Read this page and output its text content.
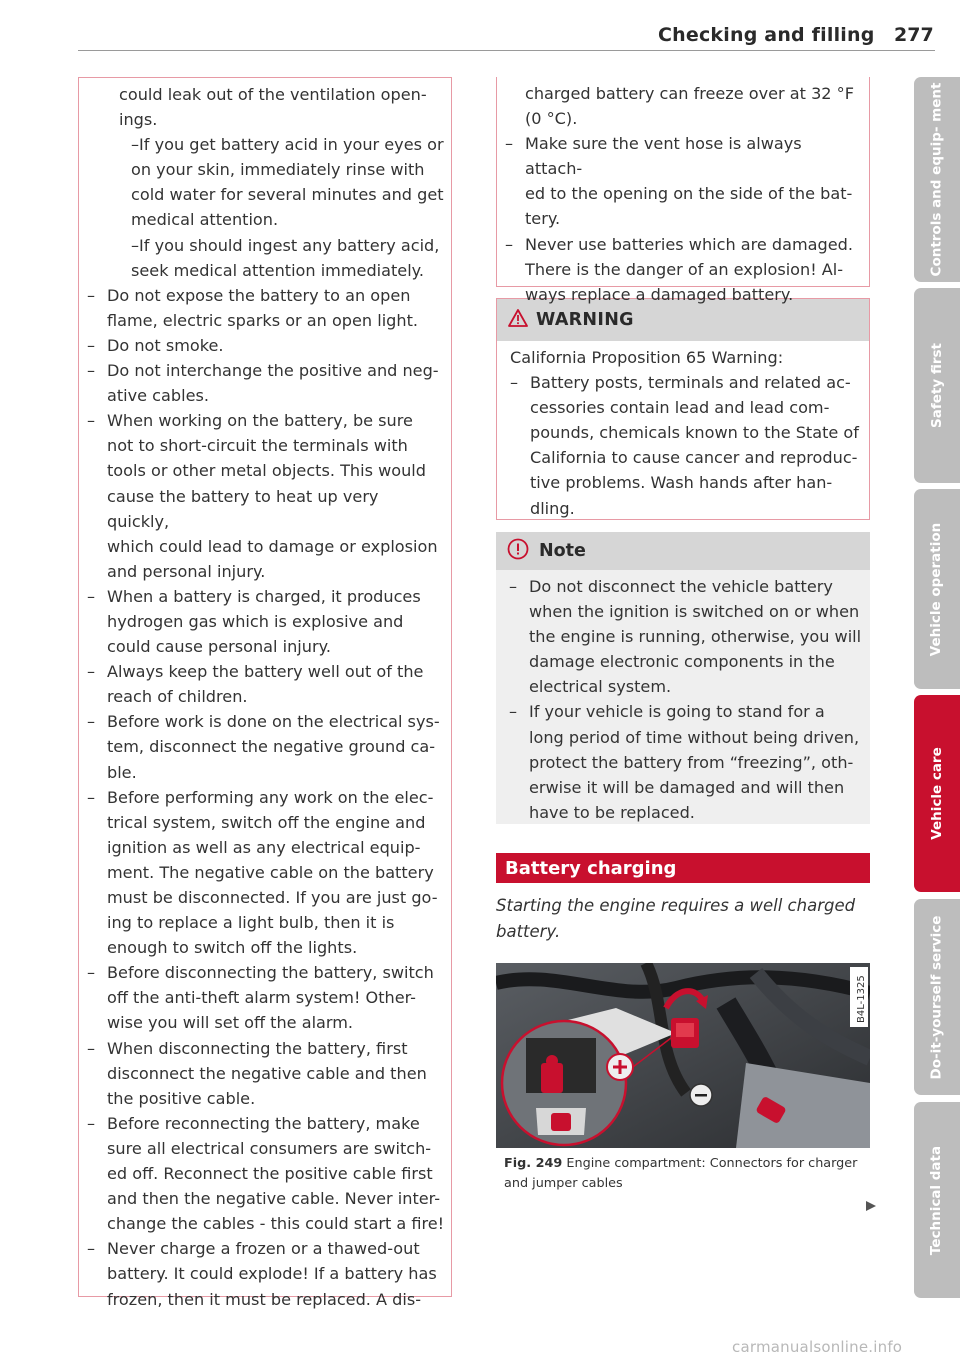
Checking and filling 277
could leak out of the ventilation open-
ings.
–If you get battery acid in your eyes or
on your skin, immediately rinse with
cold water for several minutes and get
medical attention.
–If you should ingest any battery acid,
seek medical attention immediately.
– Do not expose the battery to an open
flame, electric sparks or an open light.
– Do not smoke.
– Do not interchange the positive and neg-
ative cables.
– When working on the battery, be sure
not to short-circuit the terminals with
tools or other metal objects. This would
cause the battery to heat up very quickly,
which could lead to damage or explosion
and personal injury.
– When a battery is charged, it produces
hydrogen gas which is explosive and
could cause personal injury.
– Always keep the battery well out of the
reach of children.
– Before work is done on the electrical sys-
tem, disconnect the negative ground ca-
ble.
– Before performing any work on the elec-
trical system, switch off the engine and
ignition as well as any electrical equip-
ment. The negative cable on the battery
must be disconnected. If you are just go-
ing to replace a light bulb, then it is
enough to switch off the lights.
– Before disconnecting the battery, switch
off the anti-theft alarm system! Other-
wise you will set off the alarm.
– When disconnecting the battery, first
disconnect the negative cable and then
the positive cable.
– Before reconnecting the battery, make
sure all electrical consumers are switch-
ed off. Reconnect the positive cable first
and then the negative cable. Never inter-
change the cables - this could start a fire!
– Never charge a frozen or a thawed-out
battery. It could explode! If a battery has
frozen, then it must be replaced. A dis-
charged battery can freeze over at 32 °F
(0 °C).
– Make sure the vent hose is always attach-
ed to the opening on the side of the bat-
tery.
– Never use batteries which are damaged.
There is the danger of an explosion! Al-
ways replace a damaged battery.
WARNING
California Proposition 65 Warning:
– Battery posts, terminals and related ac-
cessories contain lead and lead com-
pounds, chemicals known to the State of
California to cause cancer and reproduc-
tive problems. Wash hands after han-
dling.
Note
– Do not disconnect the vehicle battery
when the ignition is switched on or when
the engine is running, otherwise, you will
damage electronic components in the
electrical system.
– If your vehicle is going to stand for a
long period of time without being driven,
protect the battery from “freezing”, oth-
erwise it will be damaged and will then
have to be replaced.
Battery charging
Starting the engine requires a well charged
battery.
B4L-1325
Fig. 249 Engine compartment: Connectors for charger
and jumper cables
Controls and equip- ment
Safety first
Vehicle operation
Vehicle care
Do-it-yourself service
Technical data
carmanualsonline.info
